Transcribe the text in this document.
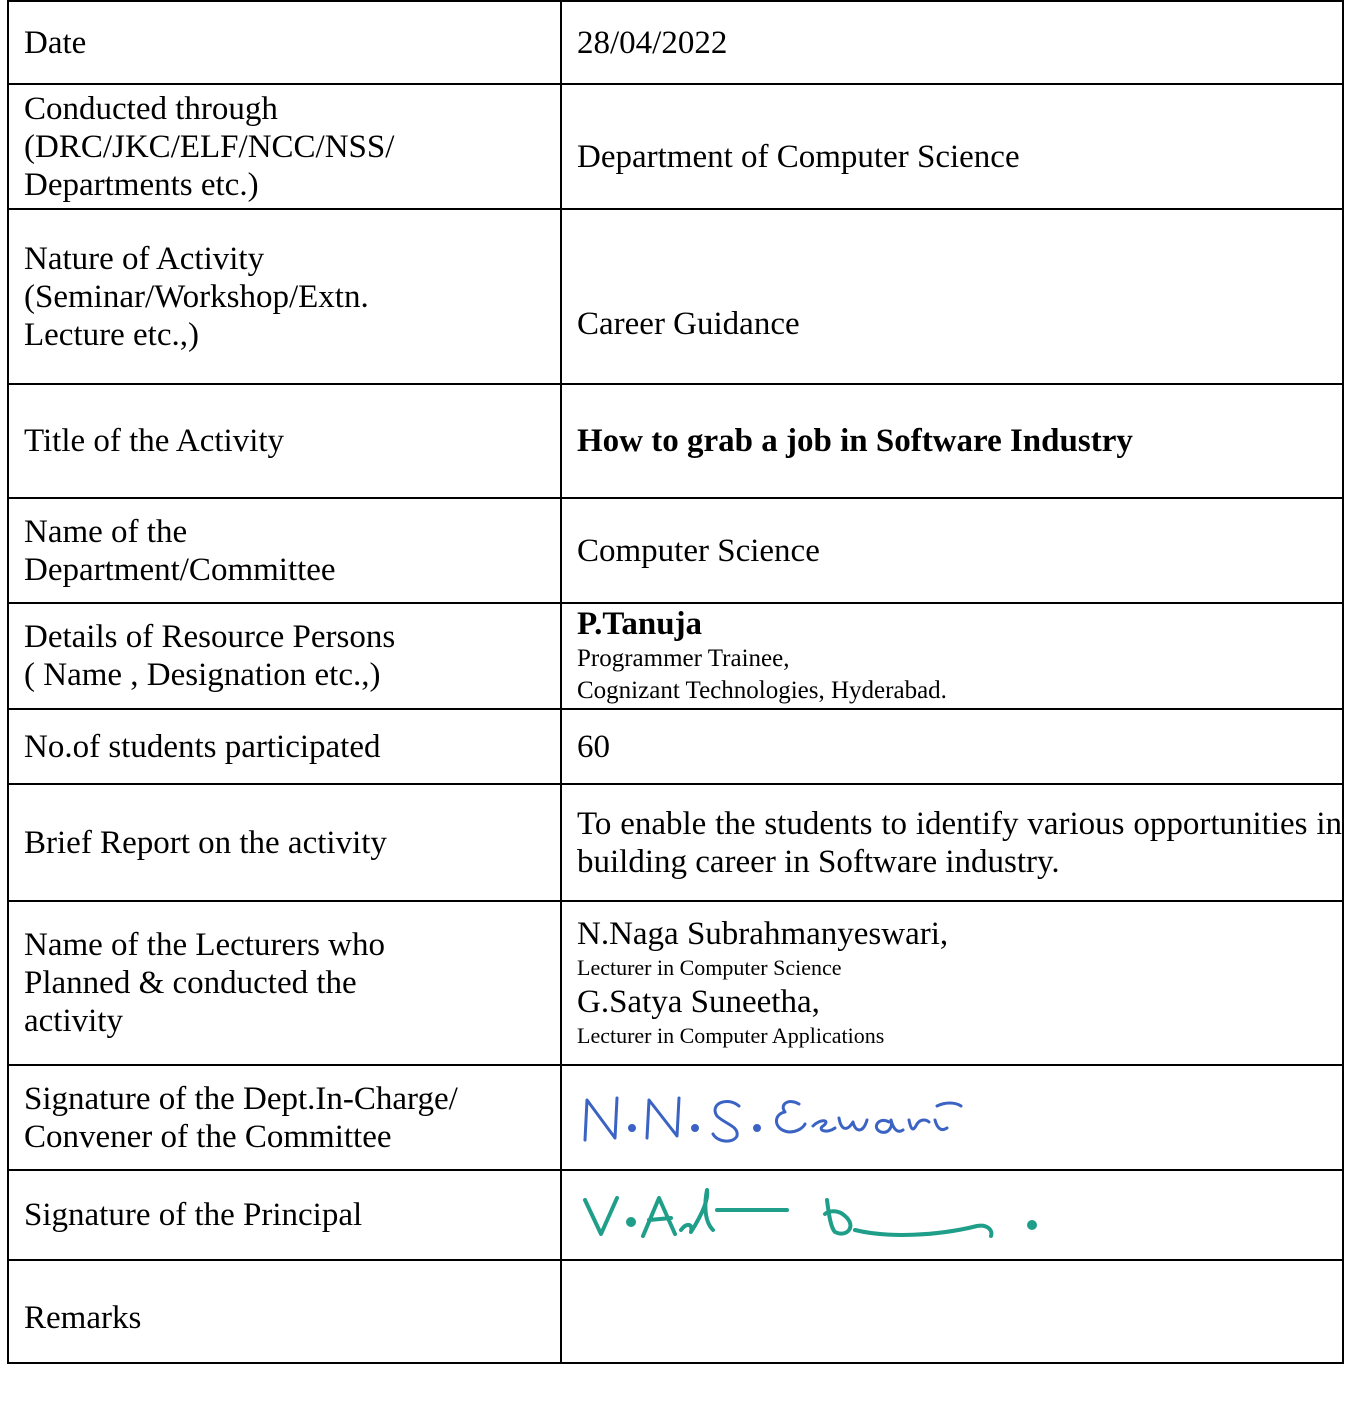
Date	28/04/2022

Conducted through
(DRC/JKC/ELF/NCC/NSS/
Departments etc.)	Department of Computer Science

Nature of Activity
(Seminar/Workshop/Extn.
Lecture etc.,)	Career Guidance
Title of the Activity	How to grab a job in Software Industry

Name of the
Department/Committee	Computer Science

Details of Resource Persons
( Name , Designation etc.,)	P.Tanuja
Programmer Trainee,
Cognizant Technologies, Hyderabad.

No.of students participated	60
Brief Report on the activity	To enable the students to identify various opportunities in building career in Software industry.

Name of the Lecturers who
Planned & conducted the
activity	N.Naga Subrahmanyeswari,
Lecturer in Computer Science
G.Satya Suneetha,
Lecturer in Computer Applications

Signature of the Dept.In-Charge/
Convener of the Committee

Signature of the Principal	

Remarks	
